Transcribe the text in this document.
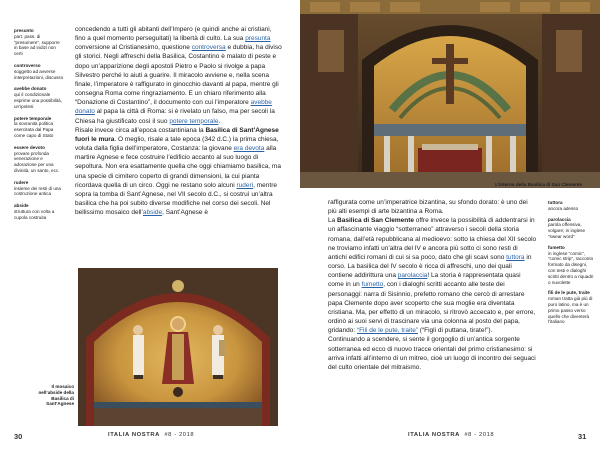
presunto
part. pass. di “presumere”, supporre in base ad indizi non certi
controverso
soggetto ad avverse interpretazioni, discusso
avebbe donato
qui il condizionale esprime una possibilità, un’ipotesi
potere temporale
la sovranità politica esercitata dal Papa come capo di Stato
essere devoto
provare profonda venerazione e adorazione per una divinità, un santo, ecc.
rudere
insieme dei resti di una costruzione antica
abside
struttura con volta a cupola costruita

concedendo a tutti gli abitanti dell’Impero (e quindi anche ai cristiani, fino a quel momento perseguitati) la libertà di culto. La sua presunta conversione al Cristianesimo, questione controversa e dubbia, ha diviso gli storici. Negli affreschi della Basilica, Costantino è malato di peste e dopo un’apparizione degli apostoli Pietro e Paolo si rivolge a papa Silvestro perché lo aiuti a guarire. Il miracolo avviene e, nella scena finale, l’imperatore è raffigurato in ginocchio davanti al papa, mentre gli consegna Roma come ringraziamento. E un chiaro riferimento alla “Donazione di Costantino”, il documento con cui l’imperatore avebbe donato al papa la città di Roma: si è rivelato un falso, ma per secoli la Chiesa ha giustificato così il suo potere temporale.

Risale invece circa all’epoca costantiniana la Basilica di Sant’Agnese fuori le mura. O meglio, risale a tale epoca (342 d.C.) la prima chiesa, voluta dalla figlia dell’imperatore, Costanza: la giovane era devota alla martire Agnese e fece costruire l’edificio accanto al suo luogo di sepoltura. Non era esattamente quella che oggi chiamiamo basilica, ma una specie di cimitero coperto di grandi dimensioni, la cui pianta ricordava quella di un circo. Oggi ne restano solo alcuni ruderi, mentre sopra la tomba di Sant’Agnese, nel VII secolo d.C., si costruì un’altra basilica che ha poi subito diverse modifiche nel corso dei secoli. Nel bellissimo mosaico dell’abside, Sant’Agnese è

Il mosaico nell’abside della Basilica di Sant’Agnese
30	ITALIA NOSTRA #8 - 2018
L’interno della Basilica di San Clemente

raffigurata come un’imperatrice bizantina, su sfondo dorato: è uno dei più alti esempi di arte bizantina a Roma.

La Basilica di San Clemente offre invece la possibilità di addentrarsi in un affascinante viaggio “sotterraneo” attraverso i secoli della storia romana, dall’età repubblicana al medioevo: sotto la chiesa del XII secolo ne troviamo infatti un’altra del IV e ancora più sotto ci sono resti di antichi edifici romani di cui si sa poco, dato che gli scavi sono tuttora in corso. La basilica del IV secolo è ricca di affreschi, uno dei quali contiene addirittura una parolaccia! La storia è rappresentata quasi come in un fumetto, con i dialoghi scritti accanto alle teste dei personaggi: narra di Sisinnio, prefetto romano che cercò di arrestare papa Clemente dopo aver scoperto che sua moglie era diventata cristiana. Ma, per effetto di un miracolo, si ritrovò accecato e, per errore, ordinò ai suoi servi di trascinare via una colonna al posto del papa, gridando: “Fili de le pute, traite” (“Figli di puttana, tirate!”).

Continuando a scendere, si sente il gorgoglio di un’antica sorgente sotterranea ed ecco di nuovo tracce orientali del primo cristianesimo: si arriva infatti all’interno di un mitreo, cioè un luogo di incontro dei seguaci del culto orientale del mitraismo.

tuttora
ancora adesso
parolaccia
parola offensiva, volgare; in inglese “swear word”
fumetto
in inglese “comic”, “comic strip”, racconto formato da disegni, con testi e dialoghi scritti dentro a riquadri o nuvolette
fili de le pute, traite
roman tratta già più di puro latino, ma è un primo passo verso quello che diventerà l’italiano
ITALIA NOSTRA #8 - 2018	31
